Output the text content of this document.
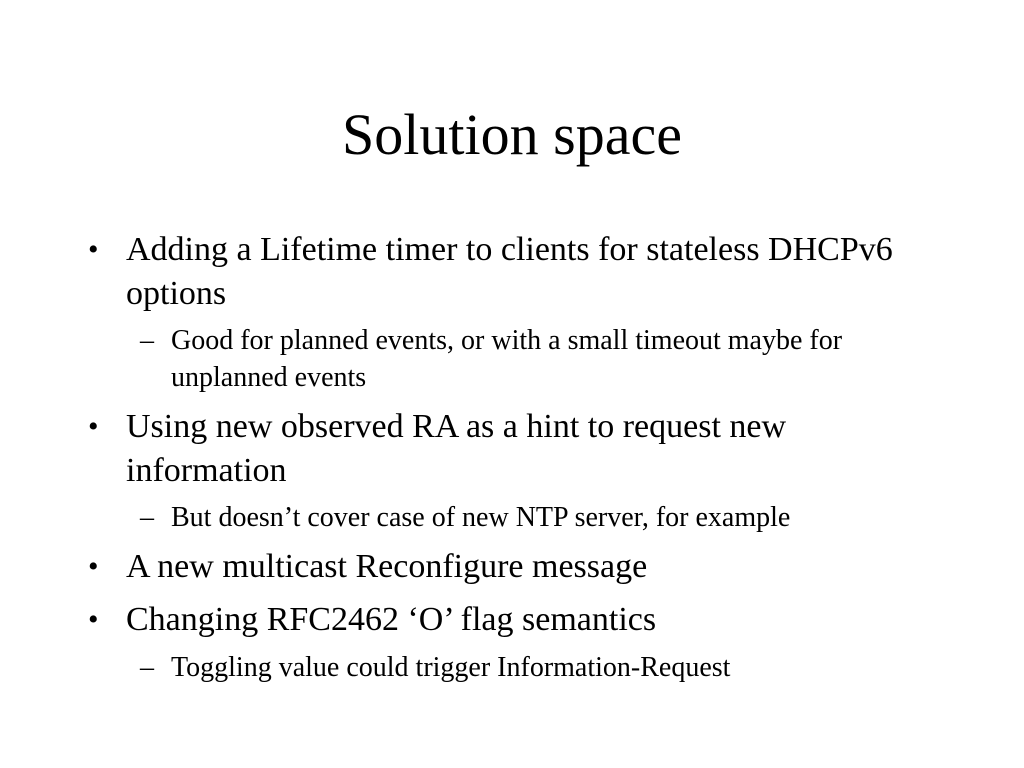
Solution space
• Adding a Lifetime timer to clients for stateless DHCPv6 options
– Good for planned events, or with a small timeout maybe for unplanned events
• Using new observed RA as a hint to request new information
– But doesn’t cover case of new NTP server, for example
• A new multicast Reconfigure message
• Changing RFC2462 ‘O’ flag semantics
– Toggling value could trigger Information-Request
